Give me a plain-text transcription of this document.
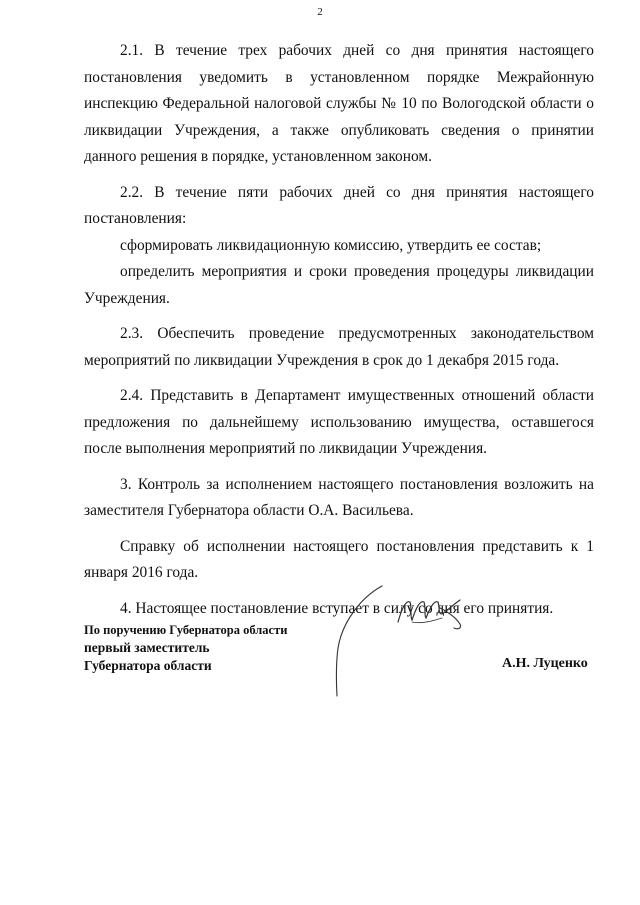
2

2.1. В течение трех рабочих дней со дня принятия настоящего постановления уведомить в установленном порядке Межрайонную инспекцию Федеральной налоговой службы № 10 по Вологодской области о ликвидации Учреждения, а также опубликовать сведения о принятии данного решения в порядке, установленном законом.

2.2. В течение пяти рабочих дней со дня принятия настоящего постановления:

сформировать ликвидационную комиссию, утвердить ее состав;

определить мероприятия и сроки проведения процедуры ликвидации Учреждения.

2.3. Обеспечить проведение предусмотренных законодательством мероприятий по ликвидации Учреждения в срок до 1 декабря 2015 года.

2.4. Представить в Департамент имущественных отношений области предложения по дальнейшему использованию имущества, оставшегося после выполнения мероприятий по ликвидации Учреждения.

3. Контроль за исполнением настоящего постановления возложить на заместителя Губернатора области О.А. Васильева.

Справку об исполнении настоящего постановления представить к 1 января 2016 года.

4. Настоящее постановление вступает в силу со дня его принятия.

По поручению Губернатора области
первый заместитель
Губернатора области	А.Н. Луценко
